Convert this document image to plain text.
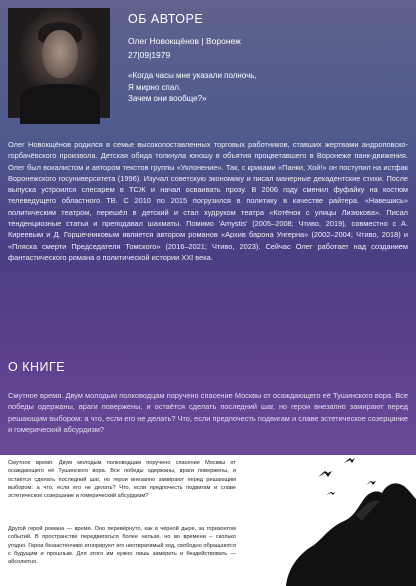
ОБ АВТОРЕ
Олег Новокщёнов | Воронеж
27|09|1979
«Когда часы мне указали полночь,
Я мирно спал.
Зачем они вообще?»

Олег Новокщёнов родился в семье высокопоставленных торговых работников, ставших жертвами андроповско-горбачёвского произвола. Детская обида толкнула юношу в объятия процветавшего в Воронеже панк-движения. Олег был вокалистом и автором текстов группы «Уклонение». Так, с криками «Панки, Хой!» он поступил на истфак Воронежского госуниверситета (1996). Изучал советскую экономику и писал манерные декадентские стихи. После выпуска устроился слесарем в ТСЖ и начал осваивать прозу. В 2006 году сменил фуфайку на костюм телеведущего областного ТВ. С 2010 по 2015 погрузился в политику в качестве райтера. «Навешись» политическим театром, перешёл в детский и стал худруком театра «Котёнок с улицы Лизюкова». Писал тенденциозные статьи и преподавал шахматы. Помимо 'Amystis' (2005–2008; Чтиво, 2019), совместно с А. Киреевым и Д. Горшечниковым является автором романов «Архив барона Унгерна» (2002–2004; Чтиво, 2018) и «Пляска смерти Председателя Томского» (2016–2021; Чтиво, 2023). Сейчас Олег работает над созданием фантастического романа о политической истории XXI века.

О КНИГЕ

Смутное время. Двум молодым полководцам поручено спасение Москвы от осаждающего её Тушинского вора. Все победы одержаны, враги повержены, и остаётся сделать последний шаг, но герои внезапно замирают перед решающим выбором: а что, если его не делать? Что, если предпочесть подвигам и славе эстетическое созерцание и гомерический абсурдизм?

Смутное время. Двум молодым полководцам поручено спасение Москвы от осаждающего её Тушинского вора. Все победы одержаны, враги повержены, и остаётся сделать последний шаг, но герои внезапно замирают перед решающим выбором: а что, если его не делать? Что, если предпочесть подвигам и славе эстетическое созерцание и гомерический абсурдизм?

Другой герой романа — время. Оно перевёрнуто, как в чёрной дыре, за горизонтом событий. В пространстве передвигаться более нельзя, но во времени – сколько угодно. Герои беззастенчиво игнорируют его неотвратимый ход, свободно обращаются с будущим и прошлым. Для этого им нужно лишь замереть и бездействовать — абсолютно.
